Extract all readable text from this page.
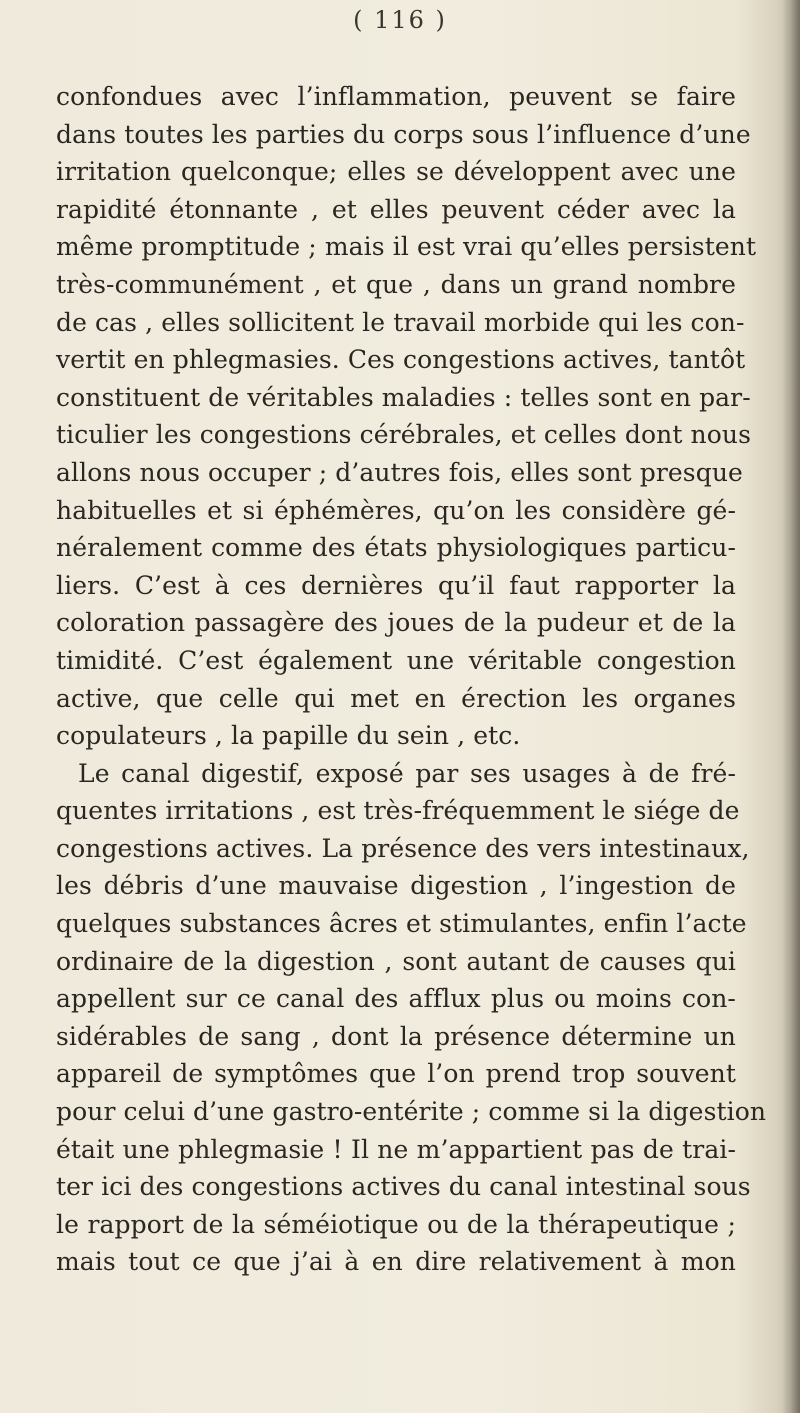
( 116 )
confondues avec l’inflammation, peuvent se faire
dans toutes les parties du corps sous l’influence d’une
irritation quelconque; elles se développent avec une
rapidité étonnante , et elles peuvent céder avec la
même promptitude ; mais il est vrai qu’elles persistent
très-communément , et que , dans un grand nombre
de cas , elles sollicitent le travail morbide qui les con-
vertit en phlegmasies. Ces congestions actives, tantôt
constituent de véritables maladies : telles sont en par-
ticulier les congestions cérébrales, et celles dont nous
allons nous occuper ; d’autres fois, elles sont presque
habituelles et si éphémères, qu’on les considère gé-
néralement comme des états physiologiques particu-
liers. C’est à ces dernières qu’il faut rapporter la
coloration passagère des joues de la pudeur et de la
timidité. C’est également une véritable congestion
active, que celle qui met en érection les organes
copulateurs , la papille du sein , etc.
Le canal digestif, exposé par ses usages à de fré-
quentes irritations , est très-fréquemment le siége de
congestions actives. La présence des vers intestinaux,
les débris d’une mauvaise digestion , l’ingestion de
quelques substances âcres et stimulantes, enfin l’acte
ordinaire de la digestion , sont autant de causes qui
appellent sur ce canal des afflux plus ou moins con-
sidérables de sang , dont la présence détermine un
appareil de symptômes que l’on prend trop souvent
pour celui d’une gastro-entérite ; comme si la digestion
était une phlegmasie ! Il ne m’appartient pas de trai-
ter ici des congestions actives du canal intestinal sous
le rapport de la séméiotique ou de la thérapeutique ;
mais tout ce que j’ai à en dire relativement à mon
